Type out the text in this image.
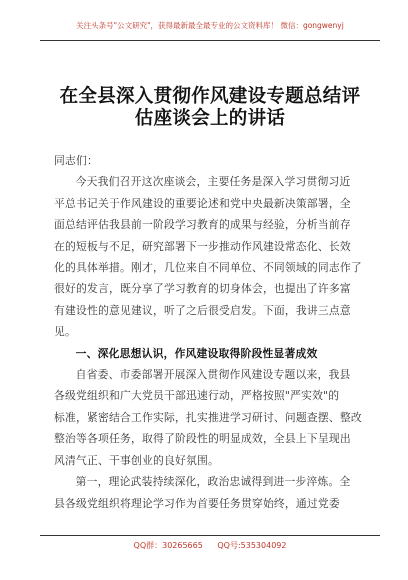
关注头条号"公文研究"，获得最新最全最专业的公文资料库！ 微信：gongwenyj
在全县深入贯彻作风建设专题总结评
估座谈会上的讲话

同志们：

今天我们召开这次座谈会，主要任务是深入学习贯彻习近

平总书记关于作风建设的重要论述和党中央最新决策部署，全

面总结评估我县前一阶段学习教育的成果与经验，分析当前存

在的短板与不足，研究部署下一步推动作风建设常态化、长效

化的具体举措。刚才，几位来自不同单位、不同领域的同志作了

很好的发言，既分享了学习教育的切身体会，也提出了许多富

有建设性的意见建议，听了之后很受启发。下面，我讲三点意

见。

一、深化思想认识，作风建设取得阶段性显著成效

自省委、市委部署开展深入贯彻作风建设专题以来，我县

各级党组织和广大党员干部迅速行动，严格按照"严实效"的

标准，紧密结合工作实际，扎实推进学习研讨、问题查摆、整改

整治等各项任务，取得了阶段性的明显成效，全县上下呈现出

风清气正、干事创业的良好氛围。

第一，理论武装持续深化，政治忠诚得到进一步淬炼。全

县各级党组织将理论学习作为首要任务贯穿始终，通过党委

QQ群：30265665 QQ号:535304092
